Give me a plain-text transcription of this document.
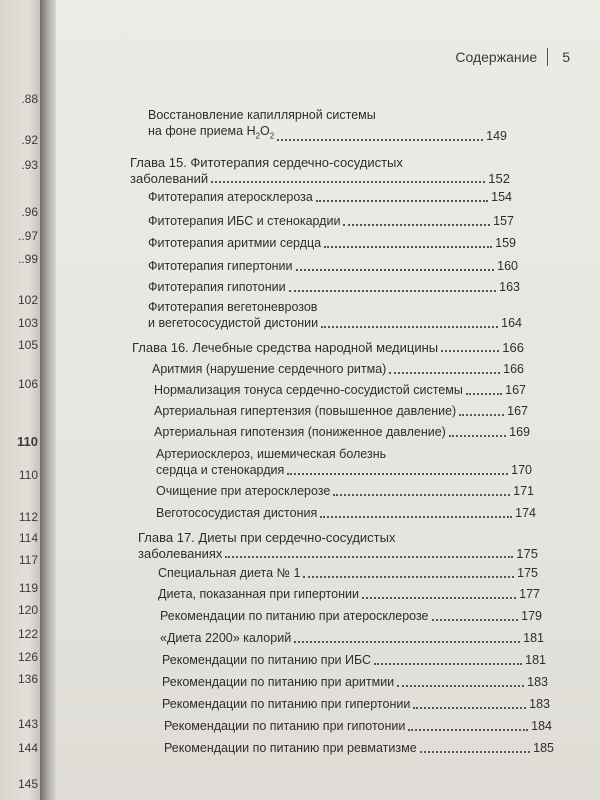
.88
.92
.93
.96
..97
..99
102
103
105
106
110
110
112
114
117
119
120
122
126
136
143
144
145
Содержание 5
Восстановление капиллярной системы
на фоне приема $H_2O_2$	149
Глава 15. Фитотерапия сердечно-сосудистых
заболеваний	152
Фитотерапия атеросклероза	154
Фитотерапия ИБС и стенокардии	157
Фитотерапия аритмии сердца	159
Фитотерапия гипертонии	160
Фитотерапия гипотонии	163
Фитотерапия вегетоневрозов
и вегетососудистой дистонии	164
Глава 16. Лечебные средства народной медицины	166
Аритмия (нарушение сердечного ритма)	166
Нормализация тонуса сердечно-сосудистой системы	167
Артериальная гипертензия (повышенное давление)	167
Артериальная гипотензия (пониженное давление)	169
Артериосклероз, ишемическая болезнь
сердца и стенокардия	170
Очищение при атеросклерозе	171
Веготососудистая дистония	174
Глава 17. Диеты при сердечно-сосудистых
заболеваниях	175
Специальная диета № 1	175
Диета, показанная при гипертонии	177
Рекомендации по питанию при атеросклерозе	179
«Диета 2200» калорий	181
Рекомендации по питанию при ИБС	181
Рекомендации по питанию при аритмии	183
Рекомендации по питанию при гипертонии	183
Рекомендации по питанию при гипотонии	184
Рекомендации по питанию при ревматизме	185
